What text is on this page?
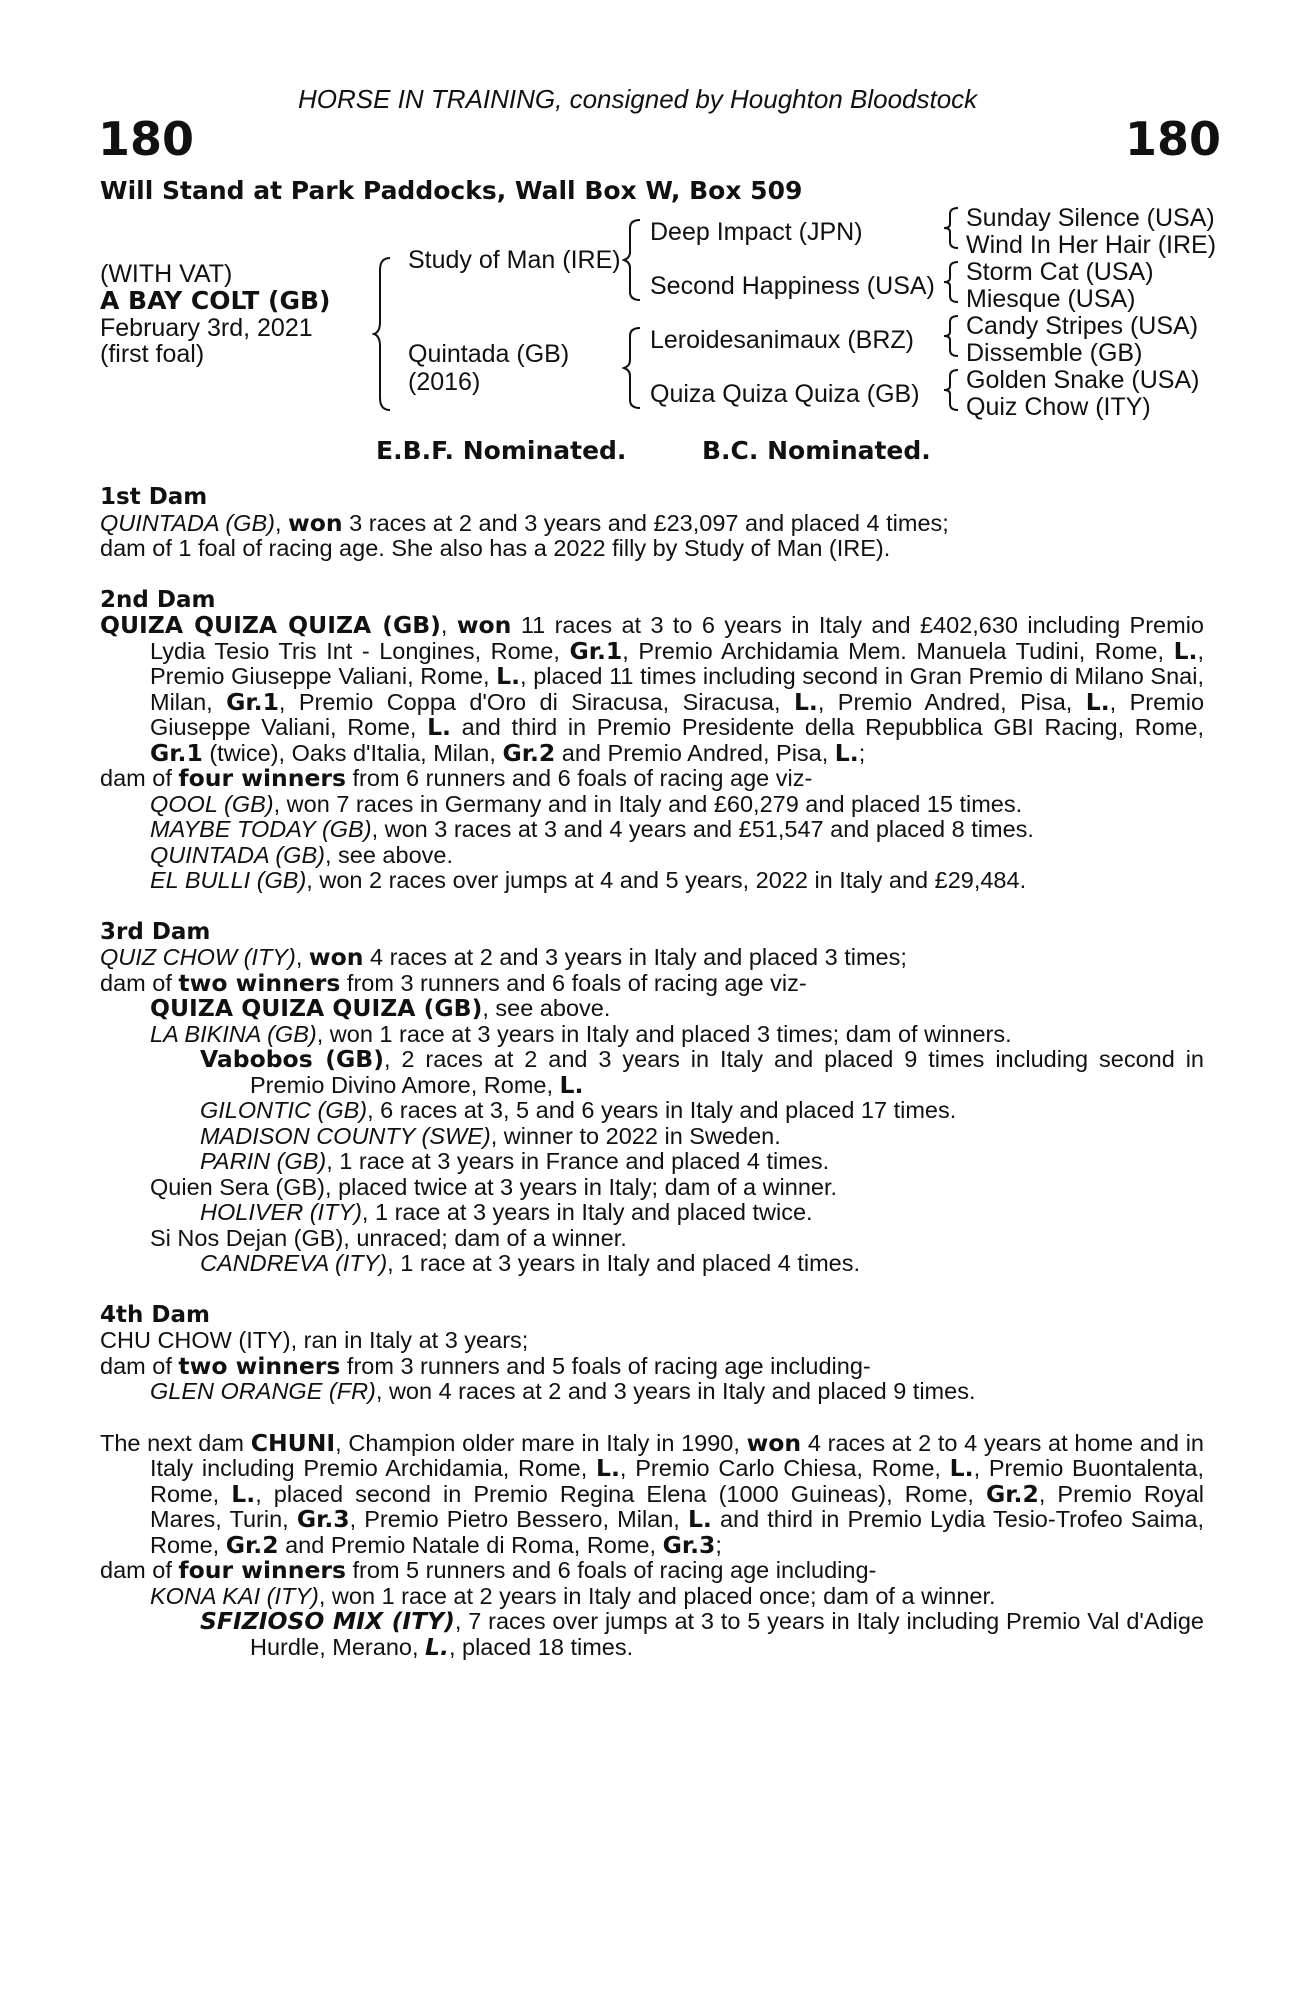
HORSE IN TRAINING, consigned by Houghton Bloodstock
180	180
Will Stand at Park Paddocks, Wall Box W, Box 509
(WITH VAT)
A BAY COLT (GB)
February 3rd, 2021
(first foal)
Study of Man (IRE)
Quintada (GB)
(2016)
Deep Impact (JPN)
Second Happiness (USA)
Leroidesanimaux (BRZ)
Quiza Quiza Quiza (GB)
Sunday Silence (USA)
Wind In Her Hair (IRE)
Storm Cat (USA)
Miesque (USA)
Candy Stripes (USA)
Dissemble (GB)
Golden Snake (USA)
Quiz Chow (ITY)
E.B.F. Nominated.	B.C. Nominated.
1st Dam
QUINTADA (GB), won 3 races at 2 and 3 years and £23,097 and placed 4 times;
dam of 1 foal of racing age. She also has a 2022 filly by Study of Man (IRE).
2nd Dam
QUIZA QUIZA QUIZA (GB), won 11 races at 3 to 6 years in Italy and £402,630 including Premio Lydia Tesio Tris Int - Longines, Rome, Gr.1, Premio Archidamia Mem. Manuela Tudini, Rome, L., Premio Giuseppe Valiani, Rome, L., placed 11 times including second in Gran Premio di Milano Snai, Milan, Gr.1, Premio Coppa d'Oro di Siracusa, Siracusa, L., Premio Andred, Pisa, L., Premio Giuseppe Valiani, Rome, L. and third in Premio Presidente della Repubblica GBI Racing, Rome, Gr.1 (twice), Oaks d'Italia, Milan, Gr.2 and Premio Andred, Pisa, L.;
dam of four winners from 6 runners and 6 foals of racing age viz-
QOOL (GB), won 7 races in Germany and in Italy and £60,279 and placed 15 times.
MAYBE TODAY (GB), won 3 races at 3 and 4 years and £51,547 and placed 8 times.
QUINTADA (GB), see above.
EL BULLI (GB), won 2 races over jumps at 4 and 5 years, 2022 in Italy and £29,484.
3rd Dam
QUIZ CHOW (ITY), won 4 races at 2 and 3 years in Italy and placed 3 times;
dam of two winners from 3 runners and 6 foals of racing age viz-
QUIZA QUIZA QUIZA (GB), see above.
LA BIKINA (GB), won 1 race at 3 years in Italy and placed 3 times; dam of winners.
Vabobos (GB), 2 races at 2 and 3 years in Italy and placed 9 times including second in Premio Divino Amore, Rome, L.
GILONTIC (GB), 6 races at 3, 5 and 6 years in Italy and placed 17 times.
MADISON COUNTY (SWE), winner to 2022 in Sweden.
PARIN (GB), 1 race at 3 years in France and placed 4 times.
Quien Sera (GB), placed twice at 3 years in Italy; dam of a winner.
HOLIVER (ITY), 1 race at 3 years in Italy and placed twice.
Si Nos Dejan (GB), unraced; dam of a winner.
CANDREVA (ITY), 1 race at 3 years in Italy and placed 4 times.
4th Dam
CHU CHOW (ITY), ran in Italy at 3 years;
dam of two winners from 3 runners and 5 foals of racing age including-
GLEN ORANGE (FR), won 4 races at 2 and 3 years in Italy and placed 9 times.
The next dam CHUNI, Champion older mare in Italy in 1990, won 4 races at 2 to 4 years at home and in Italy including Premio Archidamia, Rome, L., Premio Carlo Chiesa, Rome, L., Premio Buontalenta, Rome, L., placed second in Premio Regina Elena (1000 Guineas), Rome, Gr.2, Premio Royal Mares, Turin, Gr.3, Premio Pietro Bessero, Milan, L. and third in Premio Lydia Tesio-Trofeo Saima, Rome, Gr.2 and Premio Natale di Roma, Rome, Gr.3;
dam of four winners from 5 runners and 6 foals of racing age including-
KONA KAI (ITY), won 1 race at 2 years in Italy and placed once; dam of a winner.
SFIZIOSO MIX (ITY), 7 races over jumps at 3 to 5 years in Italy including Premio Val d'Adige Hurdle, Merano, L., placed 18 times.
